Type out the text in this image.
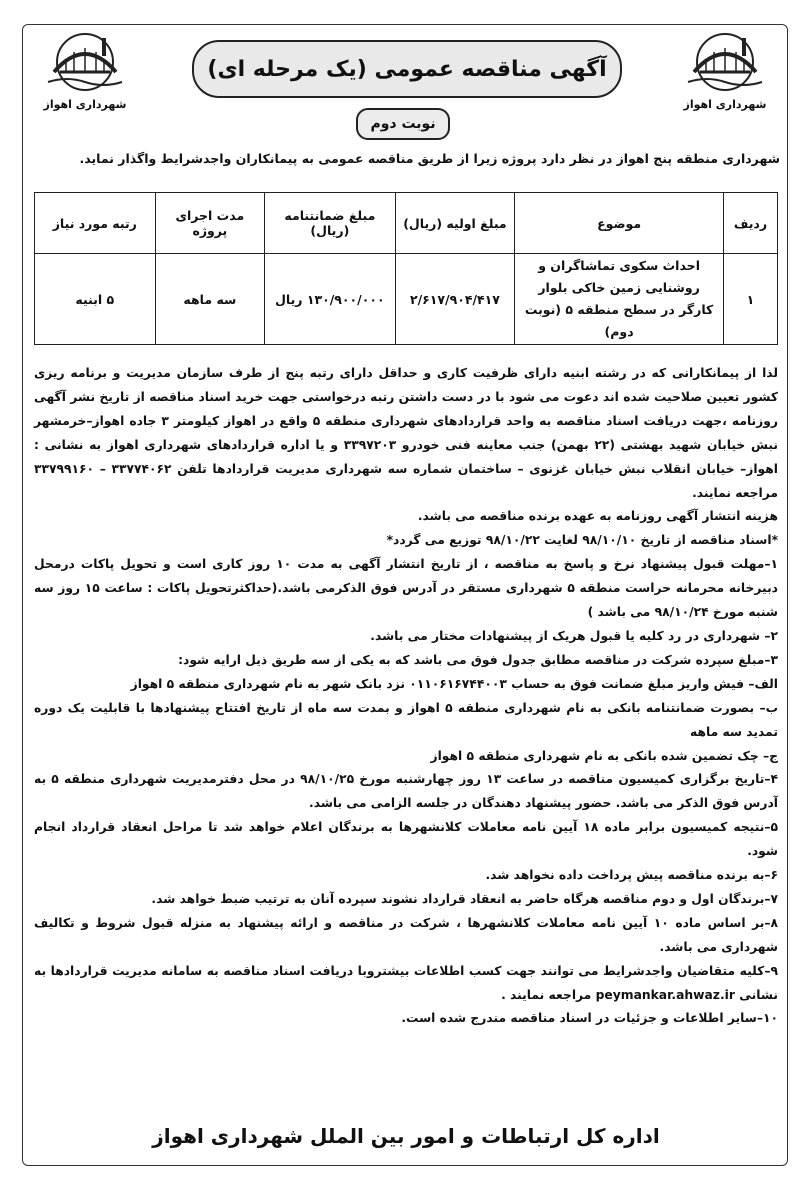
شهرداری اهواز	شهرداری اهواز
آگهی مناقصه عمومی (یک مرحله ای)
نوبت دوم
شهرداری منطقه پنج اهواز در نظر دارد پروژه زیرا از طریق مناقصه عمومی به پیمانکاران واجدشرایط واگذار نماید.
ردیف	موضوع	مبلغ اولیه (ریال)	مبلغ ضمانتنامه (ریال)	مدت اجرای پروژه	رتبه مورد نیاز
۱	احداث سکوی تماشاگران و روشنایی زمین خاکی بلوار کارگر در سطح منطقه ۵ (نوبت دوم)	۲/۶۱۷/۹۰۴/۴۱۷	۱۳۰/۹۰۰/۰۰۰ ریال	سه ماهه	۵ ابنیه

لذا از پیمانکارانی که در رشته ابنیه دارای ظرفیت کاری و حداقل دارای رتبه پنج از طرف سازمان مدیریت و برنامه ریزی کشور تعیین صلاحیت شده اند دعوت می شود با در دست داشتن رتبه درخواستی جهت خرید اسناد مناقصه از تاریخ نشر آگهی روزنامه ،جهت دریافت اسناد مناقصه به واحد قراردادهای شهرداری منطقه ۵ واقع در اهواز کیلومتر ۳ جاده اهواز–خرمشهر نبش خیابان شهید بهشتی (۲۲ بهمن) جنب معاینه فنی خودرو ۳۳۹۷۲۰۳ و یا اداره قراردادهای شهرداری اهواز به نشانی : اهواز– خیابان انقلاب نبش خیابان غزنوی – ساختمان شماره سه شهرداری مدیریت قراردادها تلفن ۳۳۷۷۴۰۶۲ – ۳۳۷۹۹۱۶۰ مراجعه نمایند.

هزینه انتشار آگهی روزنامه به عهده برنده مناقصه می باشد.

*اسناد مناقصه از تاریخ ۹۸/۱۰/۱۰ لغایت ۹۸/۱۰/۲۲ توزیع می گردد*

۱–مهلت قبول پیشنهاد نرخ و پاسخ به مناقصه ، از تاریخ انتشار آگهی به مدت ۱۰ روز کاری است و تحویل پاکات درمحل دبیرخانه محرمانه حراست منطقه ۵ شهرداری مستقر در آدرس فوق الذکرمی باشد.(حداکثرتحویل پاکات : ساعت ۱۵ روز سه شنبه مورخ ۹۸/۱۰/۲۴ می باشد )

۲– شهرداری در رد کلیه یا قبول هریک از پیشنهادات مختار می باشد.

۳–مبلغ سپرده شرکت در مناقصه مطابق جدول فوق می باشد که به یکی از سه طریق ذیل ارایه شود:

الف– فیش واریز مبلغ ضمانت فوق به حساب ۰۱۱۰۶۱۶۷۴۴۰۰۳ نزد بانک شهر به نام شهرداری منطقه ۵ اهواز

ب– بصورت ضمانتنامه بانکی به نام شهرداری منطقه ۵ اهواز و بمدت سه ماه از تاریخ افتتاح پیشنهادها با قابلیت یک دوره تمدید سه ماهه

ج– چک تضمین شده بانکی به نام شهرداری منطقه ۵ اهواز

۴–تاریخ برگزاری کمیسیون مناقصه در ساعت ۱۳ روز چهارشنبه مورخ ۹۸/۱۰/۲۵ در محل دفترمدیریت شهرداری منطقه ۵ به آدرس فوق الذکر می باشد. حضور پیشنهاد دهندگان در جلسه الزامی می باشد.

۵–نتیجه کمیسیون برابر ماده ۱۸ آیین نامه معاملات کلانشهرها به برندگان اعلام خواهد شد تا مراحل انعقاد قرارداد انجام شود.

۶–به برنده مناقصه پیش پرداخت داده نخواهد شد.

۷–برندگان اول و دوم مناقصه هرگاه حاضر به انعقاد قرارداد نشوند سپرده آنان به ترتیب ضبط خواهد شد.

۸–بر اساس ماده ۱۰ آیین نامه معاملات کلانشهرها ، شرکت در مناقصه و ارائه پیشنهاد به منزله قبول شروط و تکالیف شهرداری می باشد.

۹–کلیه متقاضیان واجدشرایط می توانند جهت کسب اطلاعات بیشتروبا دریافت اسناد مناقصه به سامانه مدیریت قراردادها به نشانی peymankar.ahwaz.ir مراجعه نمایند .

۱۰–سایر اطلاعات و جزئیات در اسناد مناقصه مندرج شده است.

اداره کل ارتباطات و امور بین الملل شهرداری اهواز
